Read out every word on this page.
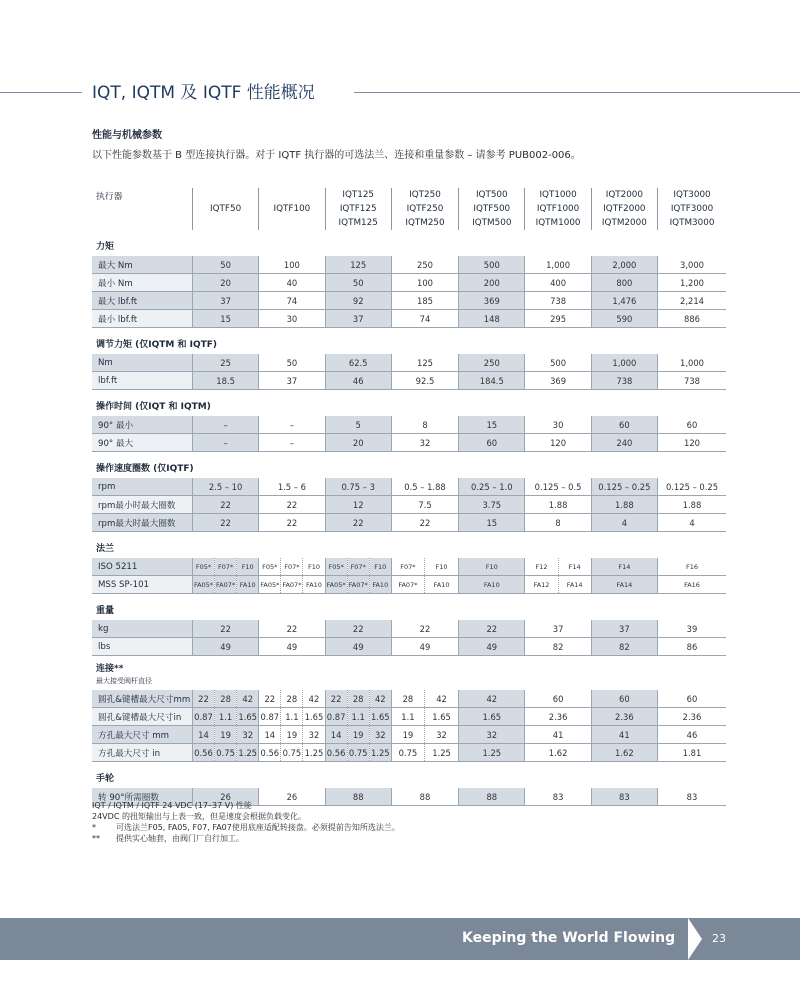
IQT, IQTM 及 IQTF 性能概况
性能与机械参数
以下性能参数基于 B 型连接执行器。对于 IQTF 执行器的可选法兰、连接和重量参数 – 请参考 PUB002-006。
执行器							IQT125			IQT250		IQT500	IQT1000		IQT2000	IQT3000
	IQTF50			IQTF100			IQTF125			IQTF250		IQTF500	IQTF1000		IQTF2000	IQTF3000
							IQTM125			IQTM250		IQTM500	IQTM1000		IQTM2000	IQTM3000
力矩																
最大 Nm	50			100			125			250		500	1,000		2,000	3,000
最小 Nm	20			40			50			100		200	400		800	1,200
最大 lbf.ft	37			74			92			185		369	738		1,476	2,214
最小 lbf.ft	15			30			37			74		148	295		590	886
调节力矩 (仅IQTM 和 IQTF)																
Nm	25			50			62.5			125		250	500		1,000	1,000
lbf.ft	18.5			37			46			92.5		184.5	369		738	738
操作时间 (仅IQT 和 IQTM)																
90° 最小	–			–			5			8		15	30		60	60
90° 最大	–			–			20			32		60	120		240	120
操作速度圈数 (仅IQTF)																
rpm	2.5 – 10			1.5 – 6			0.75 – 3			0.5 – 1.88		0.25 – 1.0	0.125 – 0.5		0.125 – 0.25	0.125 – 0.25
rpm最小时最大圈数	22			22			12			7.5		3.75	1.88		1.88	1.88
rpm最大时最大圈数	22			22			22			22		15	8		4	4
法兰																
ISO 5211	F05*	F07*	F10	F05*	F07*	F10	F05*	F07*	F10	F07*	F10	F10	F12	F14	F14	F16
MSS SP-101	FA05*	FA07*	FA10	FA05*	FA07*	FA10	FA05*	FA07*	FA10	FA07*	FA10	FA10	FA12	FA14	FA14	FA16
重量																
kg	22			22			22			22		22	37		37	39
lbs	49			49			49			49		49	82		82	86
连接**
最大接受阀杆直径																

圆孔&键槽最大尺寸mm	22	28	42	22	28	42	22	28	42	28	42	42	60		60	60
圆孔&键槽最大尺寸in	0.87	1.1	1.65	0.87	1.1	1.65	0.87	1.1	1.65	1.1	1.65	1.65	2.36		2.36	2.36
方孔最大尺寸 mm	14	19	32	14	19	32	14	19	32	19	32	32	41		41	46
方孔最大尺寸 in	0.56	0.75	1.25	0.56	0.75	1.25	0.56	0.75	1.25	0.75	1.25	1.25	1.62		1.62	1.81
手轮																
转 90°所需圈数	26			26			88			88		88	83		83	83
IQT / IQTM / IQTF 24 VDC (17–37 V) 性能
24VDC 的扭矩输出与上表一致，但是速度会根据负载变化。
*	可选法兰F05, FA05, F07, FA07使用底座适配转接盘。必须提前告知所选法兰。
** 提供实心轴套，由阀门厂自行加工。
Keeping the World Flowing	23
